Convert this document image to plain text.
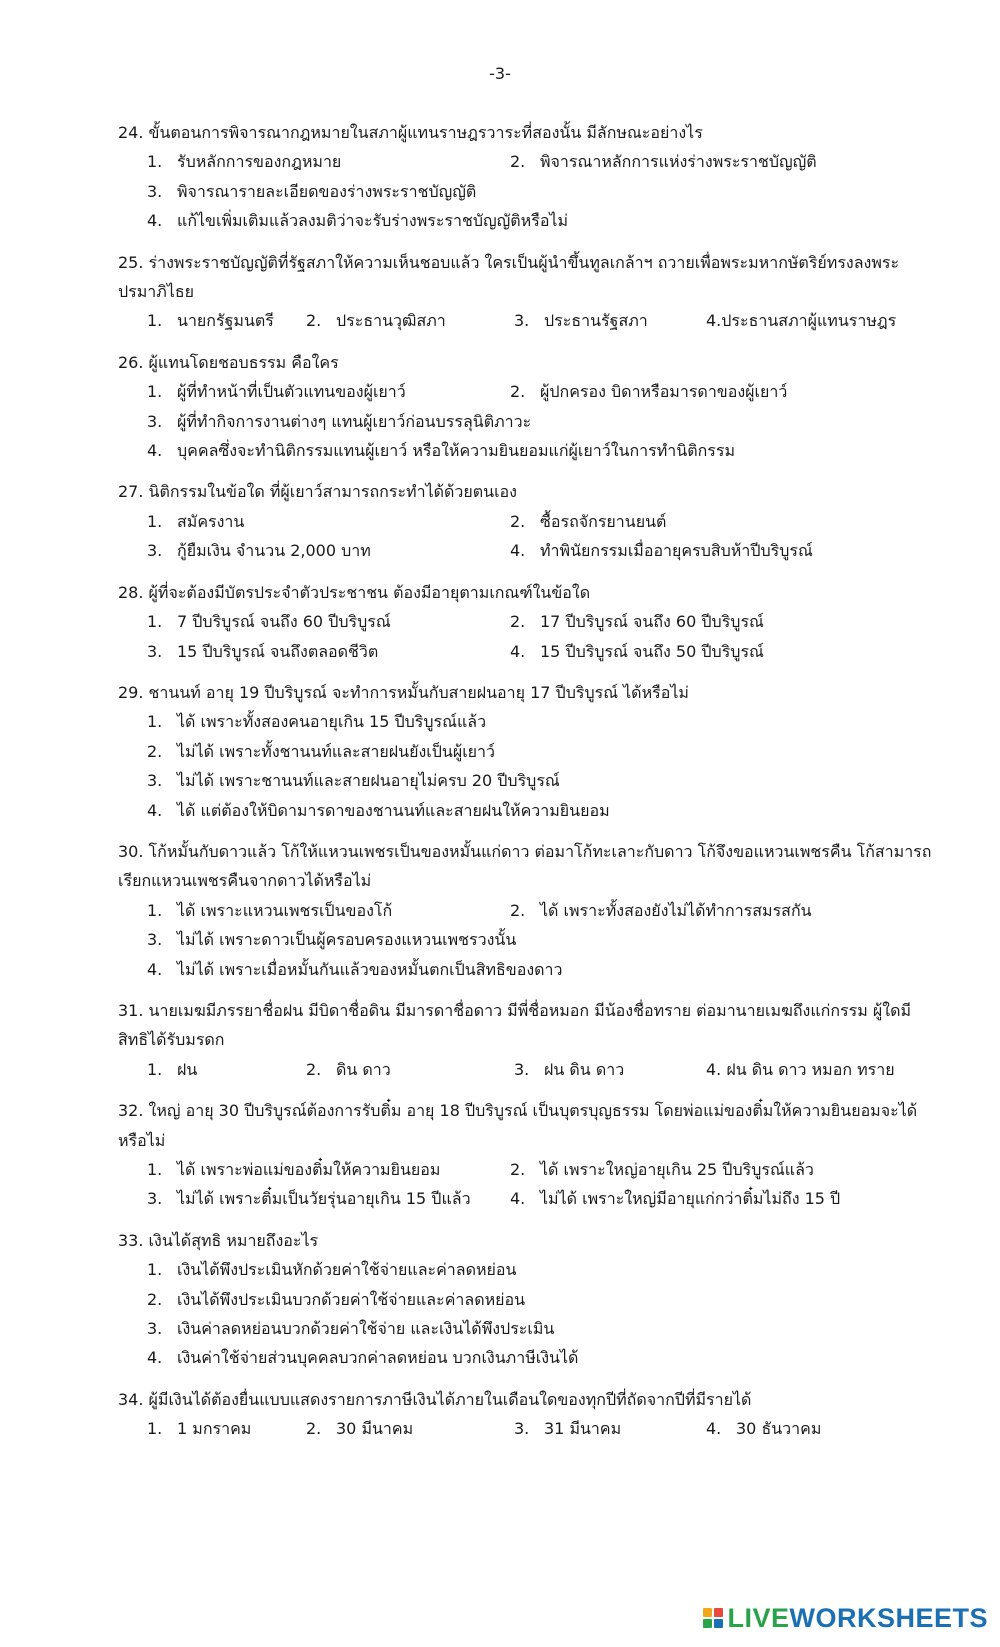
-3-

24. ขั้นตอนการพิจารณากฎหมายในสภาผู้แทนราษฎรวาระที่สองนั้น มีลักษณะอย่างไร

1. รับหลักการของกฎหมาย	2. พิจารณาหลักการแห่งร่างพระราชบัญญัติ
3. พิจารณารายละเอียดของร่างพระราชบัญญัติ
4. แก้ไขเพิ่มเติมแล้วลงมติว่าจะรับร่างพระราชบัญญัติหรือไม่

25. ร่างพระราชบัญญัติที่รัฐสภาให้ความเห็นชอบแล้ว ใครเป็นผู้นำขึ้นทูลเกล้าฯ ถวายเพื่อพระมหากษัตริย์ทรงลงพระปรมาภิไธย

1. นายกรัฐมนตรี	2. ประธานวุฒิสภา	3. ประธานรัฐสภา	4.ประธานสภาผู้แทนราษฎร

26. ผู้แทนโดยชอบธรรม คือใคร

1. ผู้ที่ทำหน้าที่เป็นตัวแทนของผู้เยาว์	2. ผู้ปกครอง บิดาหรือมารดาของผู้เยาว์
3. ผู้ที่ทำกิจการงานต่างๆ แทนผู้เยาว์ก่อนบรรลุนิติภาวะ
4. บุคคลซึ่งจะทำนิติกรรมแทนผู้เยาว์ หรือให้ความยินยอมแก่ผู้เยาว์ในการทำนิติกรรม

27. นิติกรรมในข้อใด ที่ผู้เยาว์สามารถกระทำได้ด้วยตนเอง

1. สมัครงาน	2. ซื้อรถจักรยานยนต์
3. กู้ยืมเงิน จำนวน 2,000 บาท	4. ทำพินัยกรรมเมื่ออายุครบสิบห้าปีบริบูรณ์

28. ผู้ที่จะต้องมีบัตรประจำตัวประชาชน ต้องมีอายุตามเกณฑ์ในข้อใด

1. 7 ปีบริบูรณ์ จนถึง 60 ปีบริบูรณ์	2. 17 ปีบริบูรณ์ จนถึง 60 ปีบริบูรณ์
3. 15 ปีบริบูรณ์ จนถึงตลอดชีวิต	4. 15 ปีบริบูรณ์ จนถึง 50 ปีบริบูรณ์

29. ชานนท์ อายุ 19 ปีบริบูรณ์ จะทำการหมั้นกับสายฝนอายุ 17 ปีบริบูรณ์ ได้หรือไม่

1. ได้ เพราะทั้งสองคนอายุเกิน 15 ปีบริบูรณ์แล้ว
2. ไม่ได้ เพราะทั้งชานนท์และสายฝนยังเป็นผู้เยาว์
3. ไม่ได้ เพราะชานนท์และสายฝนอายุไม่ครบ 20 ปีบริบูรณ์
4. ได้ แต่ต้องให้บิดามารดาของชานนท์และสายฝนให้ความยินยอม

30. โก้หมั้นกับดาวแล้ว โก้ให้แหวนเพชรเป็นของหมั้นแก่ดาว ต่อมาโก้ทะเลาะกับดาว โก้จึงขอแหวนเพชรคืน โก้สามารถเรียกแหวนเพชรคืนจากดาวได้หรือไม่

1. ได้ เพราะแหวนเพชรเป็นของโก้	2. ได้ เพราะทั้งสองยังไม่ได้ทำการสมรสกัน
3. ไม่ได้ เพราะดาวเป็นผู้ครอบครองแหวนเพชรวงนั้น
4. ไม่ได้ เพราะเมื่อหมั้นกันแล้วของหมั้นตกเป็นสิทธิของดาว

31. นายเมฆมีภรรยาชื่อฝน มีบิดาชื่อดิน มีมารดาชื่อดาว มีพี่ชื่อหมอก มีน้องชื่อทราย ต่อมานายเมฆถึงแก่กรรม ผู้ใดมีสิทธิได้รับมรดก

1. ฝน	2. ดิน ดาว	3. ฝน ดิน ดาว	4. ฝน ดิน ดาว หมอก ทราย

32. ใหญ่ อายุ 30 ปีบริบูรณ์ต้องการรับติ๋ม อายุ 18 ปีบริบูรณ์ เป็นบุตรบุญธรรม โดยพ่อแม่ของติ๋มให้ความยินยอมจะได้หรือไม่

1. ได้ เพราะพ่อแม่ของติ๋มให้ความยินยอม	2. ได้ เพราะใหญ่อายุเกิน 25 ปีบริบูรณ์แล้ว
3. ไม่ได้ เพราะติ๋มเป็นวัยรุ่นอายุเกิน 15 ปีแล้ว	4. ไม่ได้ เพราะใหญ่มีอายุแก่กว่าติ๋มไม่ถึง 15 ปี

33. เงินได้สุทธิ หมายถึงอะไร

1. เงินได้พึงประเมินหักด้วยค่าใช้จ่ายและค่าลดหย่อน
2. เงินได้พึงประเมินบวกด้วยค่าใช้จ่ายและค่าลดหย่อน
3. เงินค่าลดหย่อนบวกด้วยค่าใช้จ่าย และเงินได้พึงประเมิน
4. เงินค่าใช้จ่ายส่วนบุคคลบวกค่าลดหย่อน บวกเงินภาษีเงินได้

34. ผู้มีเงินได้ต้องยื่นแบบแสดงรายการภาษีเงินได้ภายในเดือนใดของทุกปีที่ถัดจากปีที่มีรายได้

1. 1 มกราคม	2. 30 มีนาคม	3. 31 มีนาคม	4. 30 ธันวาคม
LIVEWORKSHEETS
